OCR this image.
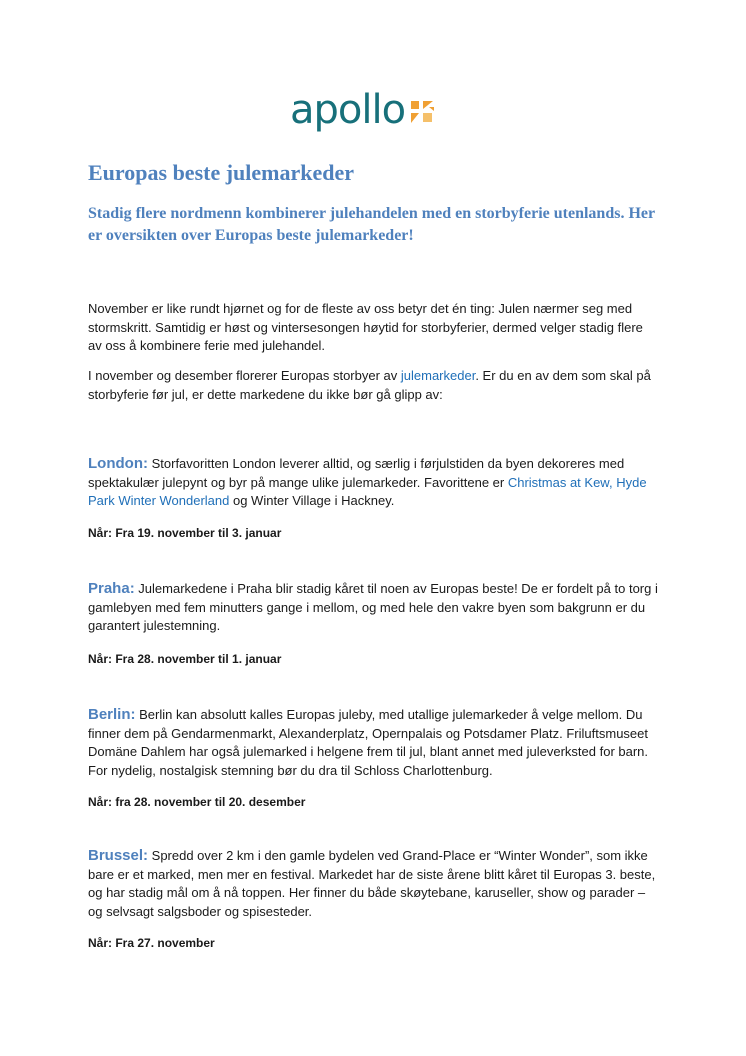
apollo
Europas beste julemarkeder
Stadig flere nordmenn kombinerer julehandelen med en storbyferie utenlands. Her er oversikten over Europas beste julemarkeder!

November er like rundt hjørnet og for de fleste av oss betyr det én ting: Julen nærmer seg med stormskritt. Samtidig er høst og vintersesongen høytid for storbyferier, dermed velger stadig flere av oss å kombinere ferie med julehandel.

I november og desember florerer Europas storbyer av julemarkeder. Er du en av dem som skal på storbyferie før jul, er dette markedene du ikke bør gå glipp av:

London: Storfavoritten London leverer alltid, og særlig i førjulstiden da byen dekoreres med spektakulær julepynt og byr på mange ulike julemarkeder. Favorittene er Christmas at Kew, Hyde Park Winter Wonderland og Winter Village i Hackney.

Når: Fra 19. november til 3. januar

Praha: Julemarkedene i Praha blir stadig kåret til noen av Europas beste! De er fordelt på to torg i gamlebyen med fem minutters gange i mellom, og med hele den vakre byen som bakgrunn er du garantert julestemning.

Når: Fra 28. november til 1. januar

Berlin: Berlin kan absolutt kalles Europas juleby, med utallige julemarkeder å velge mellom. Du finner dem på Gendarmenmarkt, Alexanderplatz, Opernpalais og Potsdamer Platz. Friluftsmuseet Domäne Dahlem har også julemarked i helgene frem til jul, blant annet med juleverksted for barn. For nydelig, nostalgisk stemning bør du dra til Schloss Charlottenburg.

Når: fra 28. november til 20. desember

Brussel: Spredd over 2 km i den gamle bydelen ved Grand-Place er “Winter Wonder”, som ikke bare er et marked, men mer en festival. Markedet har de siste årene blitt kåret til Europas 3. beste, og har stadig mål om å nå toppen. Her finner du både skøytebane, karuseller, show og parader – og selvsagt salgsboder og spisesteder.

Når: Fra 27. november
